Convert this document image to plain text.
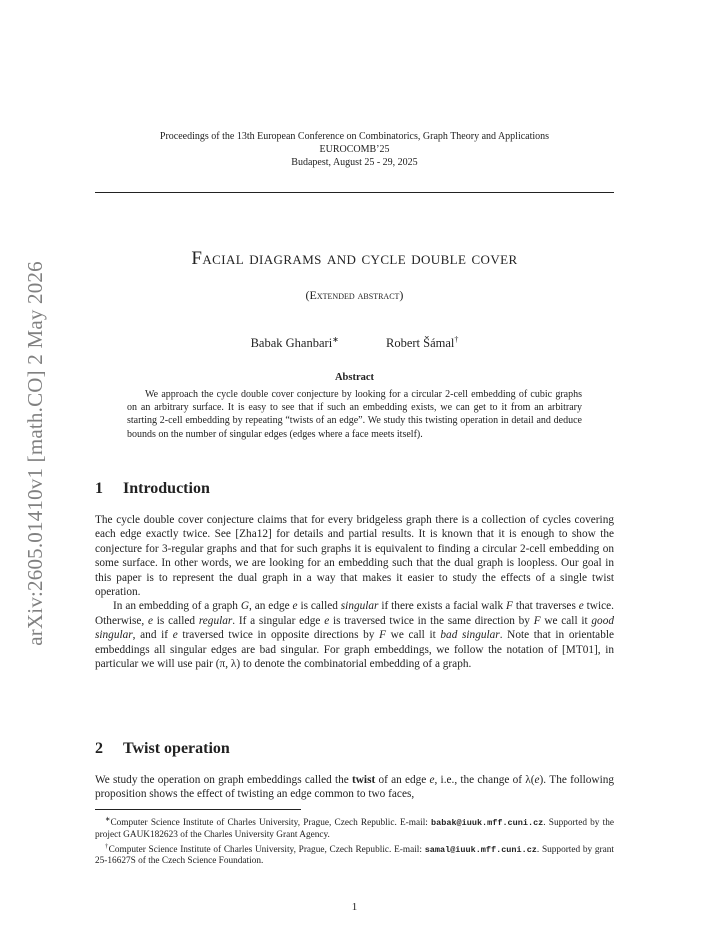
arXiv:2605.01410v1 [math.CO] 2 May 2026
Proceedings of the 13th European Conference on Combinatorics, Graph Theory and Applications
EUROCOMB’25
Budapest, August 25 - 29, 2025
Facial diagrams and cycle double cover
(Extended abstract)
Babak Ghanbari∗	Robert Šámal†
Abstract
We approach the cycle double cover conjecture by looking for a circular 2-cell embedding of cubic graphs on an arbitrary surface. It is easy to see that if such an embedding exists, we can get to it from an arbitrary starting 2-cell embedding by repeating “twists of an edge”. We study this twisting operation in detail and deduce bounds on the number of singular edges (edges where a face meets itself).
1 Introduction

The cycle double cover conjecture claims that for every bridgeless graph there is a collection of cycles covering each edge exactly twice. See [Zha12] for details and partial results. It is known that it is enough to show the conjecture for 3-regular graphs and that for such graphs it is equivalent to finding a circular 2-cell embedding on some surface. In other words, we are looking for an embedding such that the dual graph is loopless. Our goal in this paper is to represent the dual graph in a way that makes it easier to study the effects of a single twist operation.

In an embedding of a graph G, an edge e is called singular if there exists a facial walk F that traverses e twice. Otherwise, e is called regular. If a singular edge e is traversed twice in the same direction by F we call it good singular, and if e traversed twice in opposite directions by F we call it bad singular. Note that in orientable embeddings all singular edges are bad singular. For graph embeddings, we follow the notation of [MT01], in particular we will use pair (π, λ) to denote the combinatorial embedding of a graph.

2 Twist operation

We study the operation on graph embeddings called the twist of an edge e, i.e., the change of λ(e). The following proposition shows the effect of twisting an edge common to two faces,

∗Computer Science Institute of Charles University, Prague, Czech Republic. E-mail: babak@iuuk.mff.cuni.cz. Supported by the project GAUK182623 of the Charles University Grant Agency.

†Computer Science Institute of Charles University, Prague, Czech Republic. E-mail: samal@iuuk.mff.cuni.cz. Supported by grant 25-16627S of the Czech Science Foundation.

1
